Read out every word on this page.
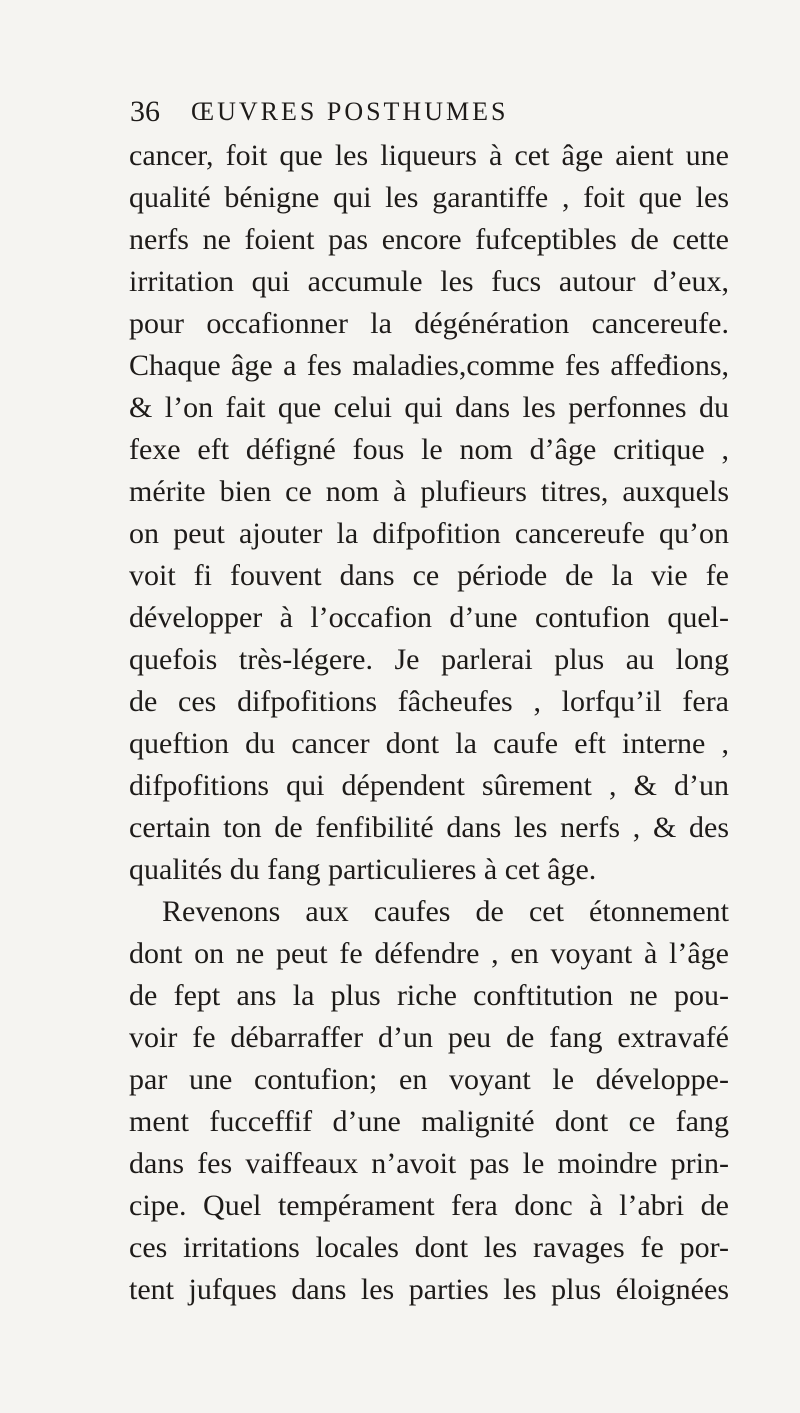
36 ŒUVRES POSTHUMES
cancer, foit que les liqueurs à cet âge aient une
qualité bénigne qui les garantiffe , foit que les
nerfs ne foient pas encore fufceptibles de cette
irritation qui accumule les fucs autour d’eux,
pour occafionner la dégénération cancereufe.
Chaque âge a fes maladies,comme fes affeđions,
& l’on fait que celui qui dans les perfonnes du
fexe eft défigné fous le nom d’âge critique ,
mérite bien ce nom à plufieurs titres, auxquels
on peut ajouter la difpofition cancereufe qu’on
voit fi fouvent dans ce période de la vie fe
développer à l’occafion d’une contufion quel-
quefois très-légere. Je parlerai plus au long
de ces difpofitions fâcheufes , lorfqu’il fera
queftion du cancer dont la caufe eft interne ,
difpofitions qui dépendent sûrement , & d’un
certain ton de fenfibilité dans les nerfs , & des
qualités du fang particulieres à cet âge.
Revenons aux caufes de cet étonnement
dont on ne peut fe défendre , en voyant à l’âge
de fept ans la plus riche conftitution ne pou-
voir fe débarraffer d’un peu de fang extravafé
par une contufion; en voyant le développe-
ment fucceffif d’une malignité dont ce fang
dans fes vaiffeaux n’avoit pas le moindre prin-
cipe. Quel tempérament fera donc à l’abri de
ces irritations locales dont les ravages fe por-
tent jufques dans les parties les plus éloignées
